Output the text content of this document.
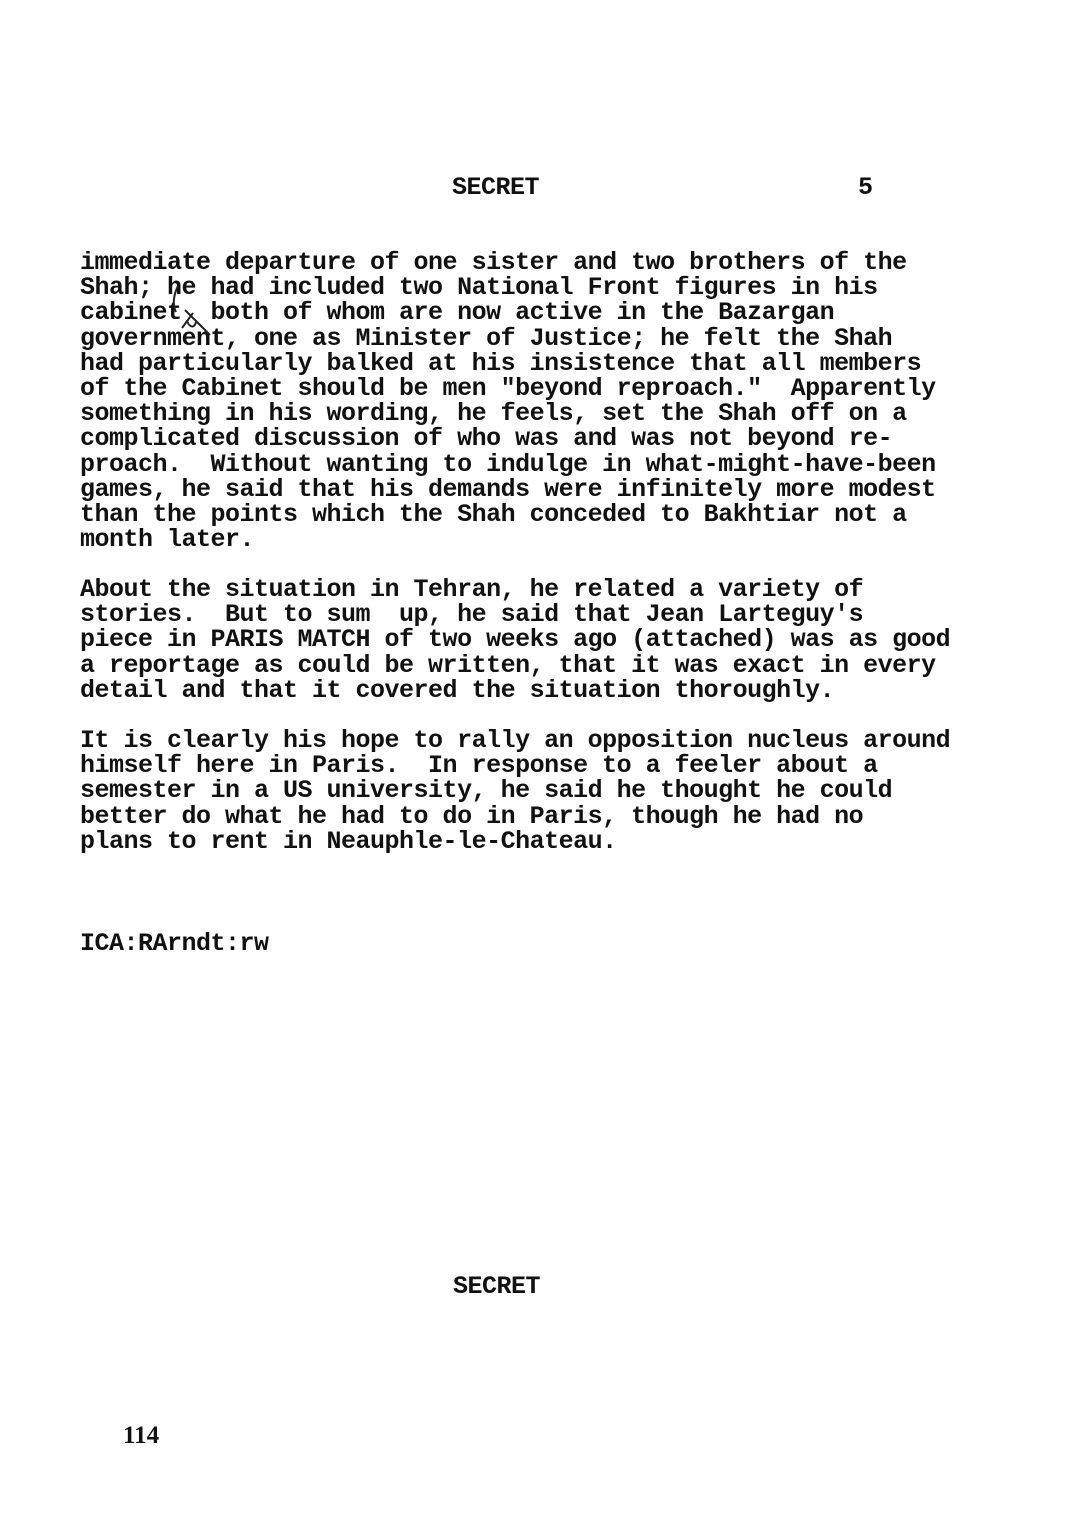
SECRET	5
immediate departure of one sister and two brothers of the
Shah; he had included two National Front figures in his
cabinet  both of whom are now active in the Bazargan
government, one as Minister of Justice; he felt the Shah
had particularly balked at his insistence that all members
of the Cabinet should be men "beyond reproach."  Apparently
something in his wording, he feels, set the Shah off on a
complicated discussion of who was and was not beyond re-
proach.  Without wanting to indulge in what-might-have-been
games, he said that his demands were infinitely more modest
than the points which the Shah conceded to Bakhtiar not a
month later.
About the situation in Tehran, he related a variety of
stories.  But to sum  up, he said that Jean Larteguy's
piece in PARIS MATCH of two weeks ago (attached) was as good
a reportage as could be written, that it was exact in every
detail and that it covered the situation thoroughly.
It is clearly his hope to rally an opposition nucleus around
himself here in Paris.  In response to a feeler about a
semester in a US university, he said he thought he could
better do what he had to do in Paris, though he had no
plans to rent in Neauphle-le-Chateau.
ICA:RArndt:rw
SECRET
114
